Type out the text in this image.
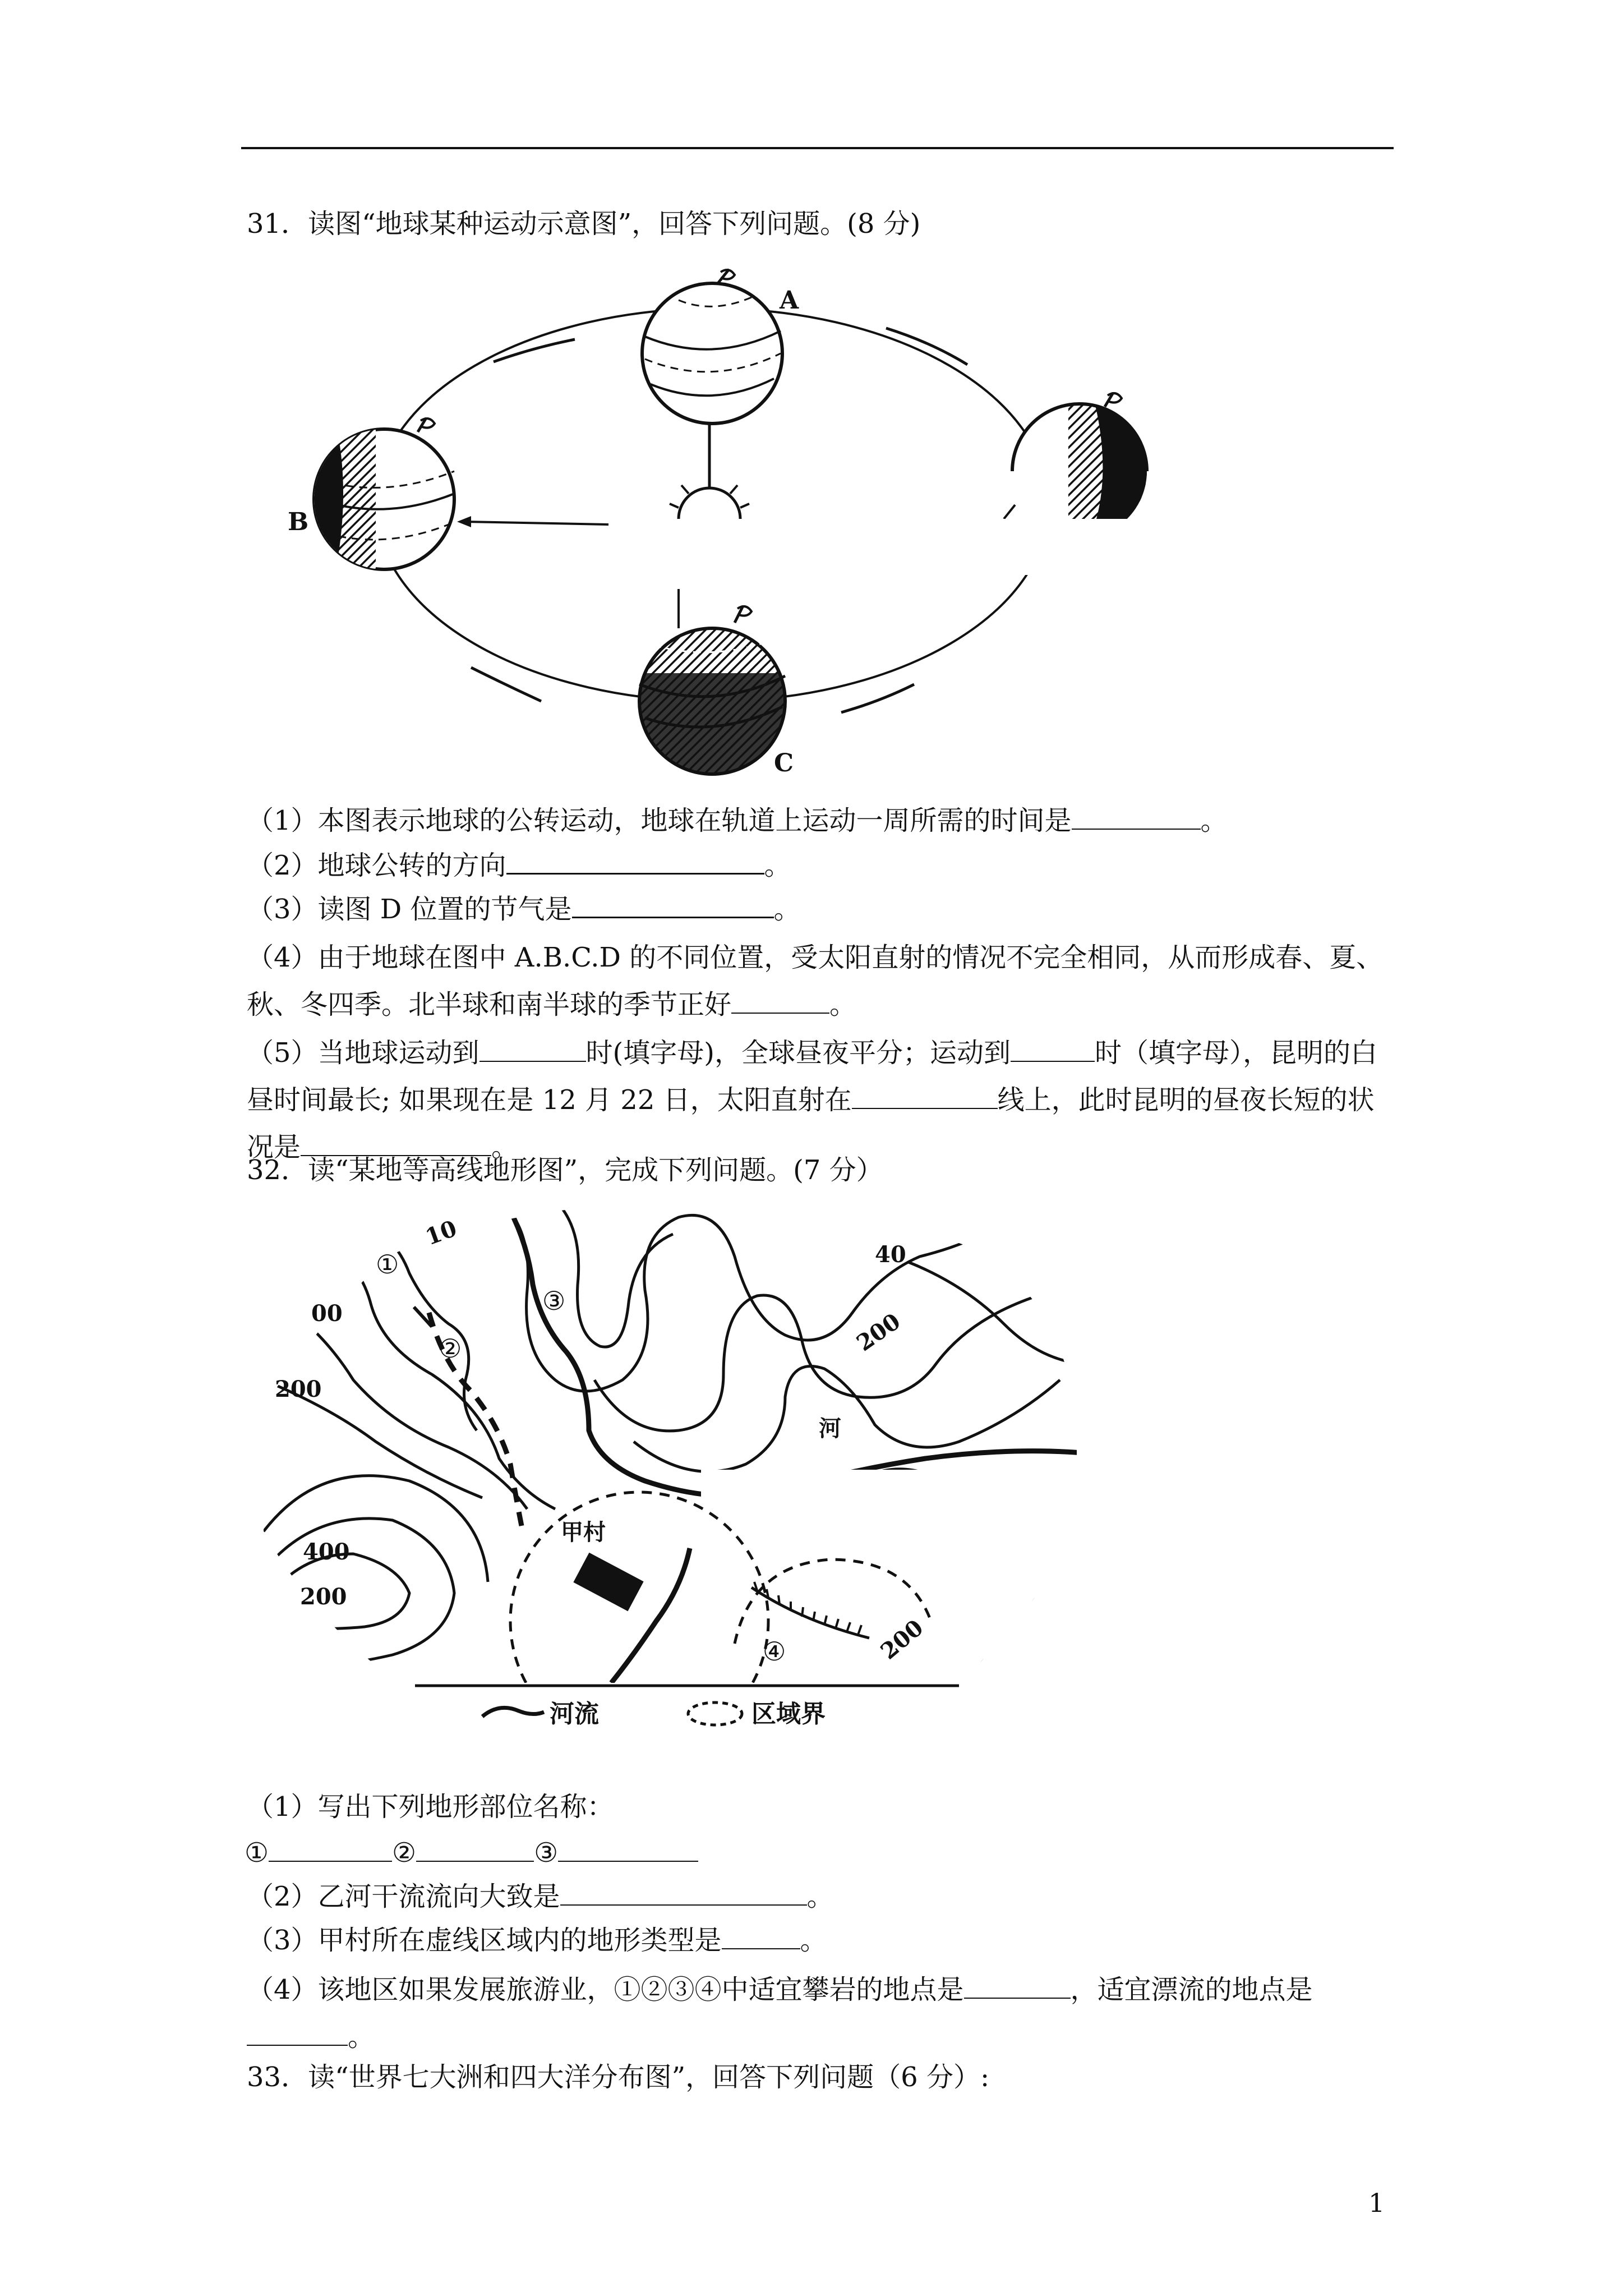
31．读图“地球某种运动示意图”，回答下列问题。(8 分)
A
B
C
（1）本图表示地球的公转运动，地球在轨道上运动一周所需的时间是	。
（2）地球公转的方向	。
（3）读图 D 位置的节气是	。
（4）由于地球在图中 A.B.C.D 的不同位置，受太阳直射的情况不完全相同，从而形成春、夏、秋、冬四季。北半球和南半球的季节正好	。
（5）当地球运动到	时(填字母)，全球昼夜平分；运动到	时（填字母），昆明的白昼时间最长; 如果现在是 12 月 22 日，太阳直射在	线上，此时昆明的昼夜长短的状况是	。
32．读“某地等高线地形图”，完成下列问题。(7 分）
①
②
③
④
10
00
200
400
200
40
200
200
河
甲村
河流	区域界
（1）写出下列地形部位名称：
①	②	③
（2）乙河干流流向大致是	。
（3）甲村所在虚线区域内的地形类型是	。
（4）该地区如果发展旅游业，①②③④中适宜攀岩的地点是	，适宜漂流的地点是
。
33．读“世界七大洲和四大洋分布图”，回答下列问题（6 分）:
1
